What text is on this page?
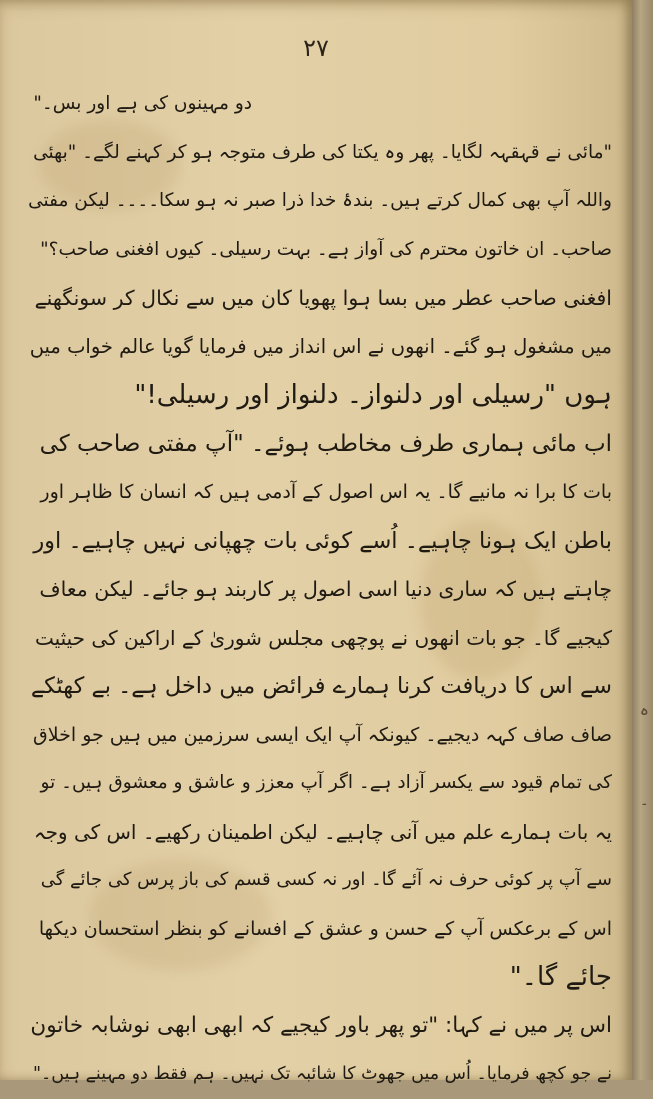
۲۷
دو مہینوں کی ہے اور بس۔"
"مائی نے قہقہہ لگایا۔ پھر وہ یکتا کی طرف متوجہ ہو کر کہنے لگے۔ "بھئی
واللہ آپ بھی کمال کرتے ہیں۔ بندۂ خدا ذرا صبر نہ ہو سکا۔۔۔۔ لیکن مفتی
صاحب۔ ان خاتون محترم کی آواز ہے۔ بہت رسیلی۔ کیوں افغنی صاحب؟"
افغنی صاحب عطر میں بسا ہوا پھویا کان میں سے نکال کر سونگھنے
میں مشغول ہو گئے۔ انھوں نے اس انداز میں فرمایا گویا عالم خواب میں
ہوں "رسیلی اور دلنواز۔ دلنواز اور رسیلی!"
اب مائی ہماری طرف مخاطب ہوئے۔ "آپ مفتی صاحب کی
بات کا برا نہ مانیے گا۔ یہ اس اصول کے آدمی ہیں کہ انسان کا ظاہر اور
باطن ایک ہونا چاہیے۔ اُسے کوئی بات چھپانی نہیں چاہیے۔ اور
چاہتے ہیں کہ ساری دنیا اسی اصول پر کاربند ہو جائے۔ لیکن معاف
کیجیے گا۔ جو بات انھوں نے پوچھی مجلس شوریٰ کے اراکین کی حیثیت
سے اس کا دریافت کرنا ہمارے فرائض میں داخل ہے۔ بے کھٹکے
صاف صاف کہہ دیجیے۔ کیونکہ آپ ایک ایسی سرزمین میں ہیں جو اخلاق
کی تمام قیود سے یکسر آزاد ہے۔ اگر آپ معزز و عاشق و معشوق ہیں۔ تو
یہ بات ہمارے علم میں آنی چاہیے۔ لیکن اطمینان رکھیے۔ اس کی وجہ
سے آپ پر کوئی حرف نہ آئے گا۔ اور نہ کسی قسم کی باز پرس کی جائے گی
اس کے برعکس آپ کے حسن و عشق کے افسانے کو بنظر استحسان دیکھا
جائے گا۔"
اس پر میں نے کہا: "تو پھر باور کیجیے کہ ابھی ابھی نوشابہ خاتون
نے جو کچھ فرمایا۔ اُس میں جھوٹ کا شائبہ تک نہیں۔ ہم فقط دو مہینے ہیں۔"
ہ
۔
